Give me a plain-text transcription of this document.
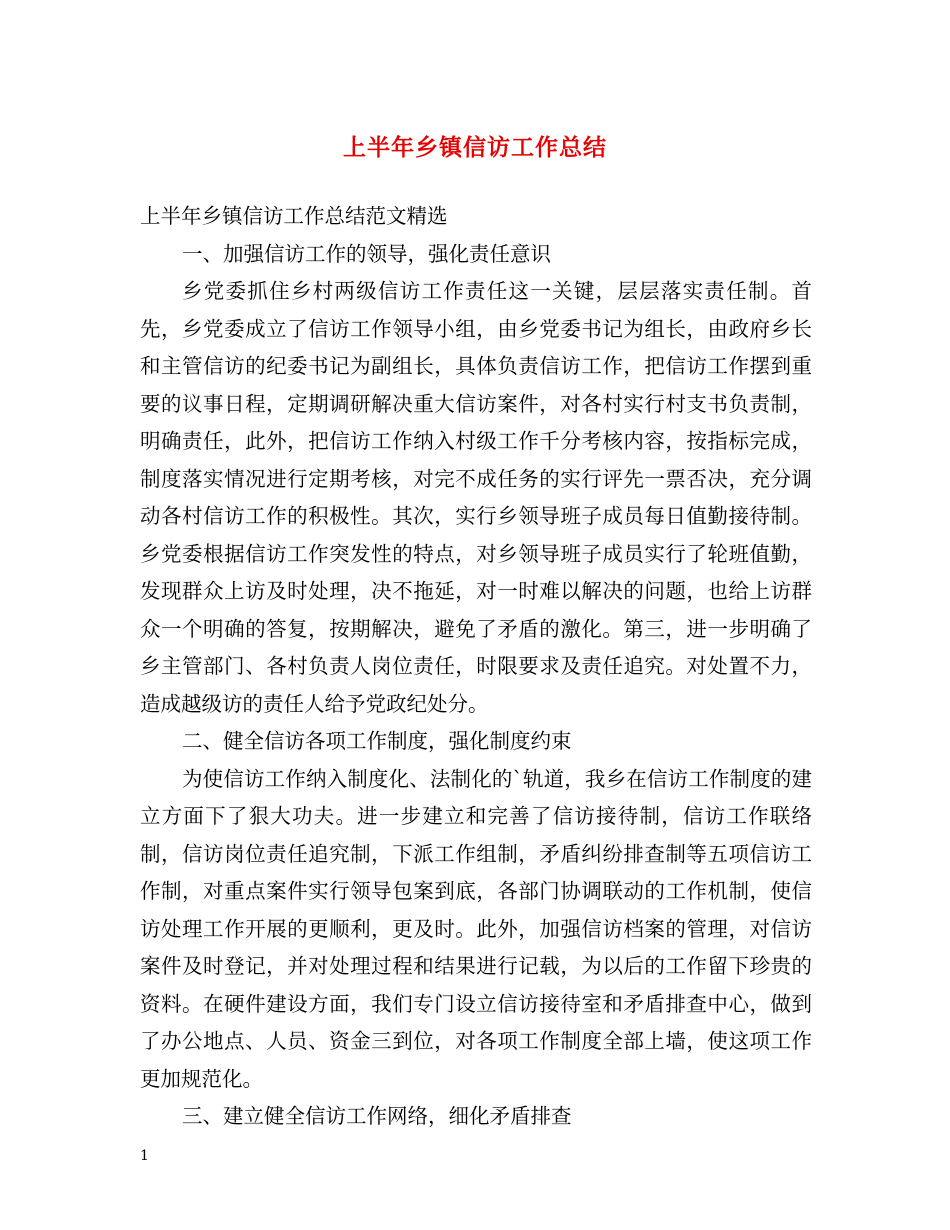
上半年乡镇信访工作总结

上半年乡镇信访工作总结范文精选

一、加强信访工作的领导，强化责任意识

乡党委抓住乡村两级信访工作责任这一关键，层层落实责任制。首先，乡党委成立了信访工作领导小组，由乡党委书记为组长，由政府乡长和主管信访的纪委书记为副组长，具体负责信访工作，把信访工作摆到重要的议事日程，定期调研解决重大信访案件，对各村实行村支书负责制，明确责任，此外，把信访工作纳入村级工作千分考核内容，按指标完成，制度落实情况进行定期考核，对完不成任务的实行评先一票否决，充分调动各村信访工作的积极性。其次，实行乡领导班子成员每日值勤接待制。乡党委根据信访工作突发性的特点，对乡领导班子成员实行了轮班值勤，发现群众上访及时处理，决不拖延，对一时难以解决的问题，也给上访群众一个明确的答复，按期解决，避免了矛盾的激化。第三，进一步明确了乡主管部门、各村负责人岗位责任，时限要求及责任追究。对处置不力，造成越级访的责任人给予党政纪处分。

二、健全信访各项工作制度，强化制度约束

为使信访工作纳入制度化、法制化的`轨道，我乡在信访工作制度的建立方面下了狠大功夫。进一步建立和完善了信访接待制，信访工作联络制，信访岗位责任追究制，下派工作组制，矛盾纠纷排查制等五项信访工作制，对重点案件实行领导包案到底，各部门协调联动的工作机制，使信访处理工作开展的更顺利，更及时。此外，加强信访档案的管理，对信访案件及时登记，并对处理过程和结果进行记载，为以后的工作留下珍贵的资料。在硬件建设方面，我们专门设立信访接待室和矛盾排查中心，做到了办公地点、人员、资金三到位，对各项工作制度全部上墙，使这项工作更加规范化。

三、建立健全信访工作网络，细化矛盾排查

1
